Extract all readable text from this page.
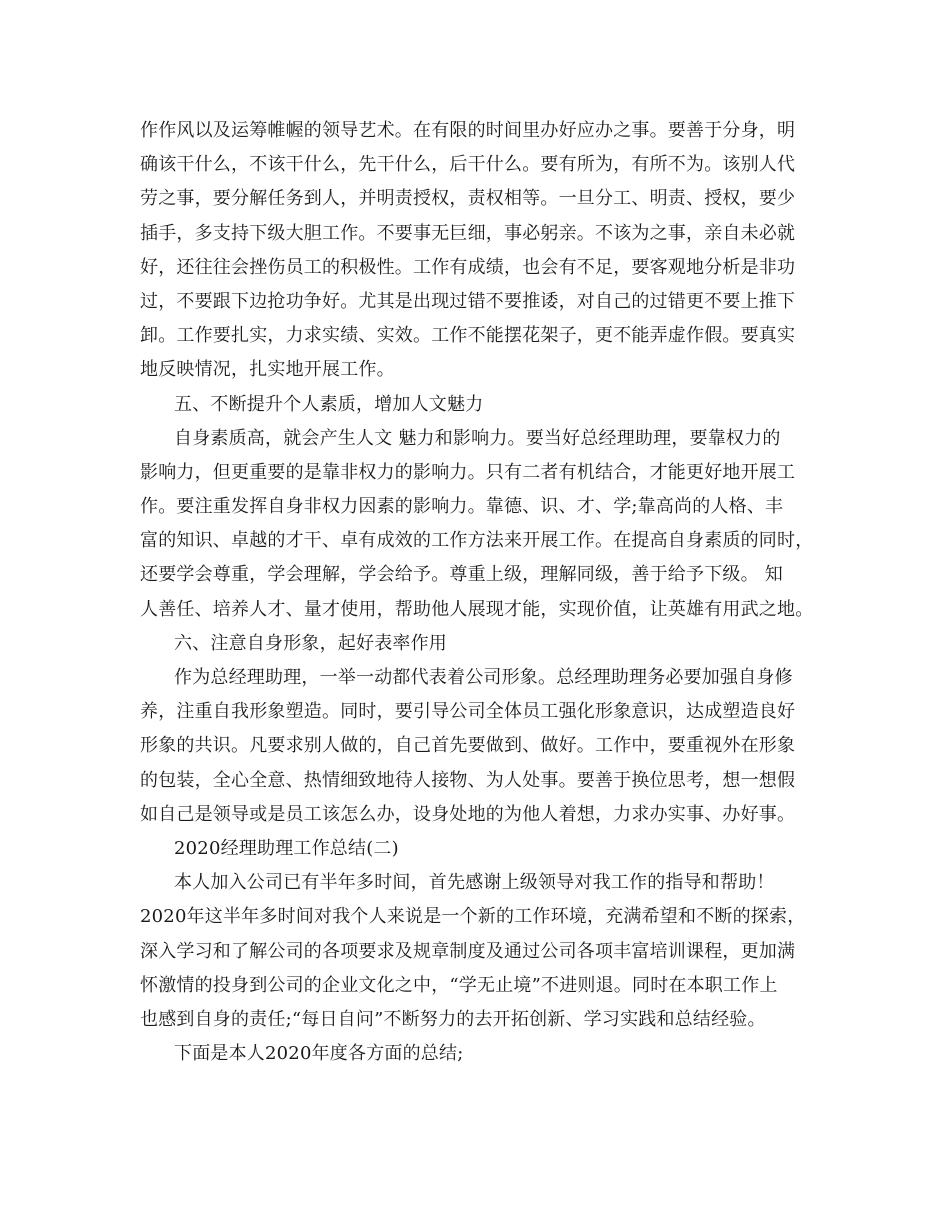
作作风以及运筹帷幄的领导艺术。在有限的时间里办好应办之事。要善于分身，明
确该干什么，不该干什么，先干什么，后干什么。要有所为，有所不为。该别人代
劳之事，要分解任务到人，并明责授权，责权相等。一旦分工、明责、授权，要少
插手，多支持下级大胆工作。不要事无巨细，事必躬亲。不该为之事，亲自未必就
好，还往往会挫伤员工的积极性。工作有成绩，也会有不足，要客观地分析是非功
过，不要跟下边抢功争好。尤其是出现过错不要推诿，对自己的过错更不要上推下
卸。工作要扎实，力求实绩、实效。工作不能摆花架子，更不能弄虚作假。要真实
地反映情况，扎实地开展工作。
五、不断提升个人素质，增加人文魅力
自身素质高，就会产生人文 魅力和影响力。要当好总经理助理，要靠权力的
影响力，但更重要的是靠非权力的影响力。只有二者有机结合，才能更好地开展工
作。要注重发挥自身非权力因素的影响力。靠德、识、才、学;靠高尚的人格、丰
富的知识、卓越的才干、卓有成效的工作方法来开展工作。在提高自身素质的同时，
还要学会尊重，学会理解，学会给予。尊重上级，理解同级，善于给予下级。 知
人善任、培养人才、量才使用，帮助他人展现才能，实现价值，让英雄有用武之地。
六、注意自身形象，起好表率作用
作为总经理助理，一举一动都代表着公司形象。总经理助理务必要加强自身修
养，注重自我形象塑造。同时，要引导公司全体员工强化形象意识，达成塑造良好
形象的共识。凡要求别人做的，自己首先要做到、做好。工作中，要重视外在形象
的包装，全心全意、热情细致地待人接物、为人处事。要善于换位思考，想一想假
如自己是领导或是员工该怎么办，设身处地的为他人着想，力求办实事、办好事。
2020经理助理工作总结(二)
本人加入公司已有半年多时间，首先感谢上级领导对我工作的指导和帮助！
2020年这半年多时间对我个人来说是一个新的工作环境，充满希望和不断的探索，
深入学习和了解公司的各项要求及规章制度及通过公司各项丰富培训课程，更加满
怀激情的投身到公司的企业文化之中，“学无止境”不进则退。同时在本职工作上
也感到自身的责任;“每日自问”不断努力的去开拓创新、学习实践和总结经验。
下面是本人2020年度各方面的总结;
